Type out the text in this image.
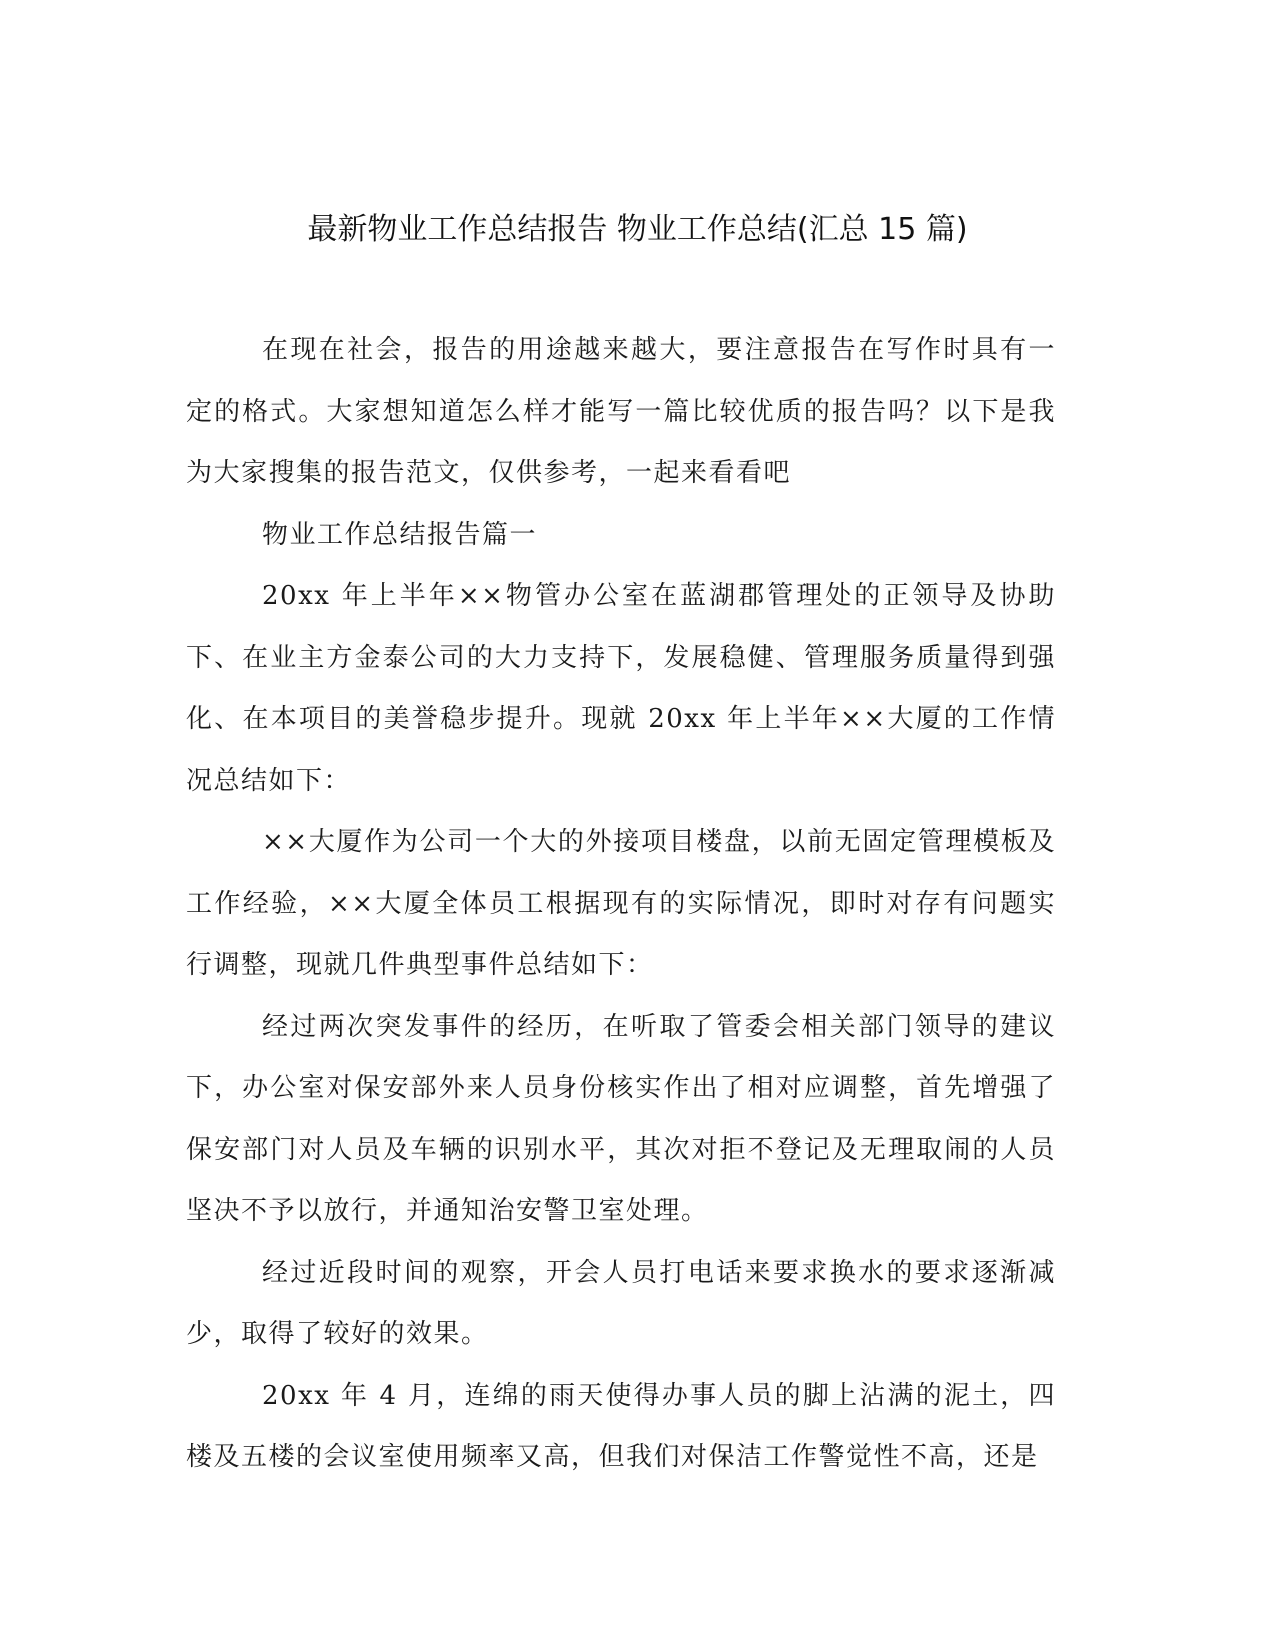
最新物业工作总结报告 物业工作总结(汇总 15 篇)

在现在社会，报告的用途越来越大，要注意报告在写作时具有一定的格式。大家想知道怎么样才能写一篇比较优质的报告吗？以下是我为大家搜集的报告范文，仅供参考，一起来看看吧

物业工作总结报告篇一

20xx 年上半年××物管办公室在蓝湖郡管理处的正领导及协助下、在业主方金泰公司的大力支持下，发展稳健、管理服务质量得到强化、在本项目的美誉稳步提升。现就 20xx 年上半年××大厦的工作情况总结如下：

××大厦作为公司一个大的外接项目楼盘，以前无固定管理模板及工作经验，××大厦全体员工根据现有的实际情况，即时对存有问题实行调整，现就几件典型事件总结如下：

经过两次突发事件的经历，在听取了管委会相关部门领导的建议下，办公室对保安部外来人员身份核实作出了相对应调整，首先增强了保安部门对人员及车辆的识别水平，其次对拒不登记及无理取闹的人员坚决不予以放行，并通知治安警卫室处理。

经过近段时间的观察，开会人员打电话来要求换水的要求逐渐减少，取得了较好的效果。

20xx 年 4 月，连绵的雨天使得办事人员的脚上沾满的泥土，四楼及五楼的会议室使用频率又高，但我们对保洁工作警觉性不高，还是
